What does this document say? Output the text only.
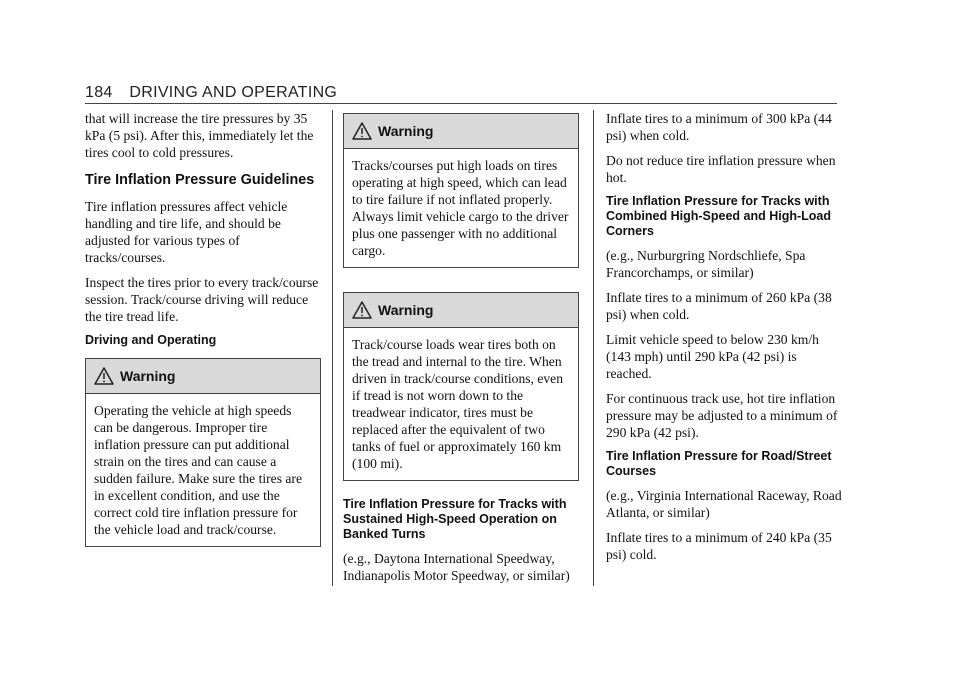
184 DRIVING AND OPERATING

that will increase the tire pressures by 35 kPa (5 psi). After this, immediately let the tires cool to cold pressures.

Tire Inflation Pressure Guidelines

Tire inflation pressures affect vehicle handling and tire life, and should be adjusted for various types of tracks/courses.

Inspect the tires prior to every track/course session. Track/course driving will reduce the tire tread life.

Driving and Operating
Warning

Operating the vehicle at high speeds can be dangerous. Improper tire inflation pressure can put additional strain on the tires and can cause a sudden failure. Make sure the tires are in excellent condition, and use the correct cold tire inflation pressure for the vehicle load and track/course.

Warning

Tracks/courses put high loads on tires operating at high speed, which can lead to tire failure if not inflated properly. Always limit vehicle cargo to the driver plus one passenger with no additional cargo.

Warning

Track/course loads wear tires both on the tread and internal to the tire. When driven in track/course conditions, even if tread is not worn down to the treadwear indicator, tires must be replaced after the equivalent of two tanks of fuel or approximately 160 km (100 mi).

Tire Inflation Pressure for Tracks with Sustained High-Speed Operation on Banked Turns

(e.g., Daytona International Speedway, Indianapolis Motor Speedway, or similar)

Inflate tires to a minimum of 300 kPa (44 psi) when cold.

Do not reduce tire inflation pressure when hot.

Tire Inflation Pressure for Tracks with Combined High-Speed and High-Load Corners

(e.g., Nurburgring Nordschliefe, Spa Francorchamps, or similar)

Inflate tires to a minimum of 260 kPa (38 psi) when cold.

Limit vehicle speed to below 230 km/h (143 mph) until 290 kPa (42 psi) is reached.

For continuous track use, hot tire inflation pressure may be adjusted to a minimum of 290 kPa (42 psi).

Tire Inflation Pressure for Road/Street Courses

(e.g., Virginia International Raceway, Road Atlanta, or similar)

Inflate tires to a minimum of 240 kPa (35 psi) cold.
